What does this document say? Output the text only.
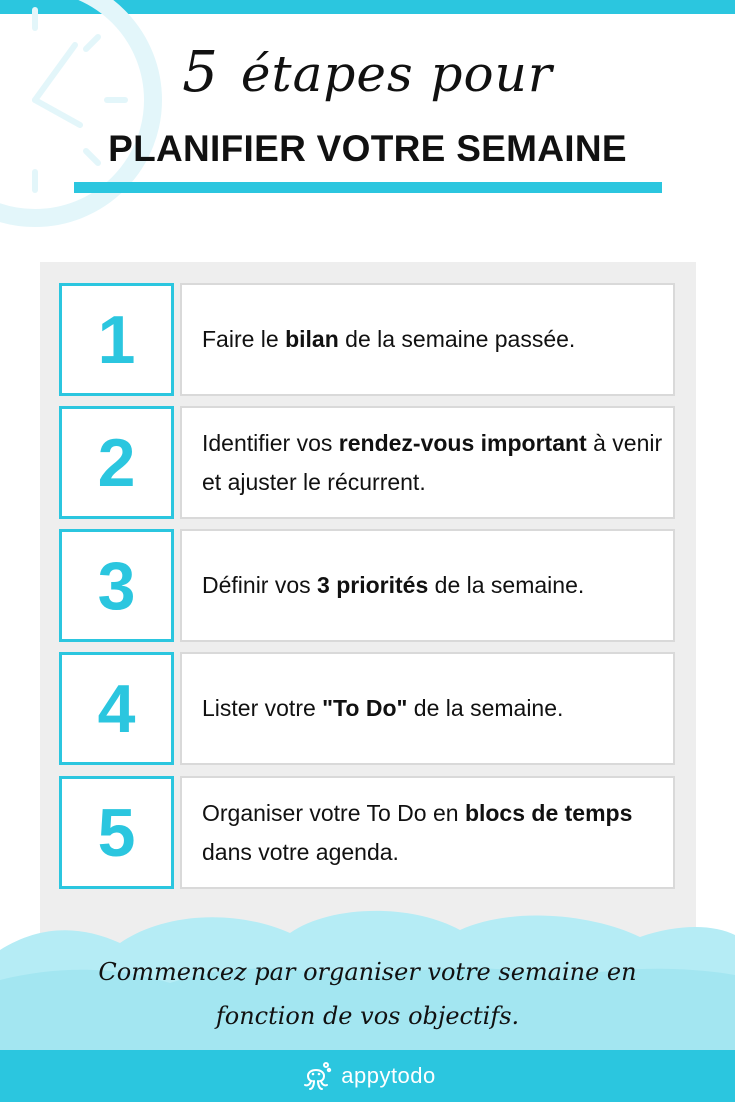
5 étapes pour
PLANIFIER VOTRE SEMAINE
1	Faire le bilan de la semaine passée.
2	Identifier vos rendez-vous important à venir et ajuster le récurrent.
3	Définir vos 3 priorités de la semaine.
4	Lister votre "To Do" de la semaine.
5	Organiser votre To Do en blocs de temps dans votre agenda.
Commencez par organiser votre semaine en
fonction de vos objectifs.
appytodo
